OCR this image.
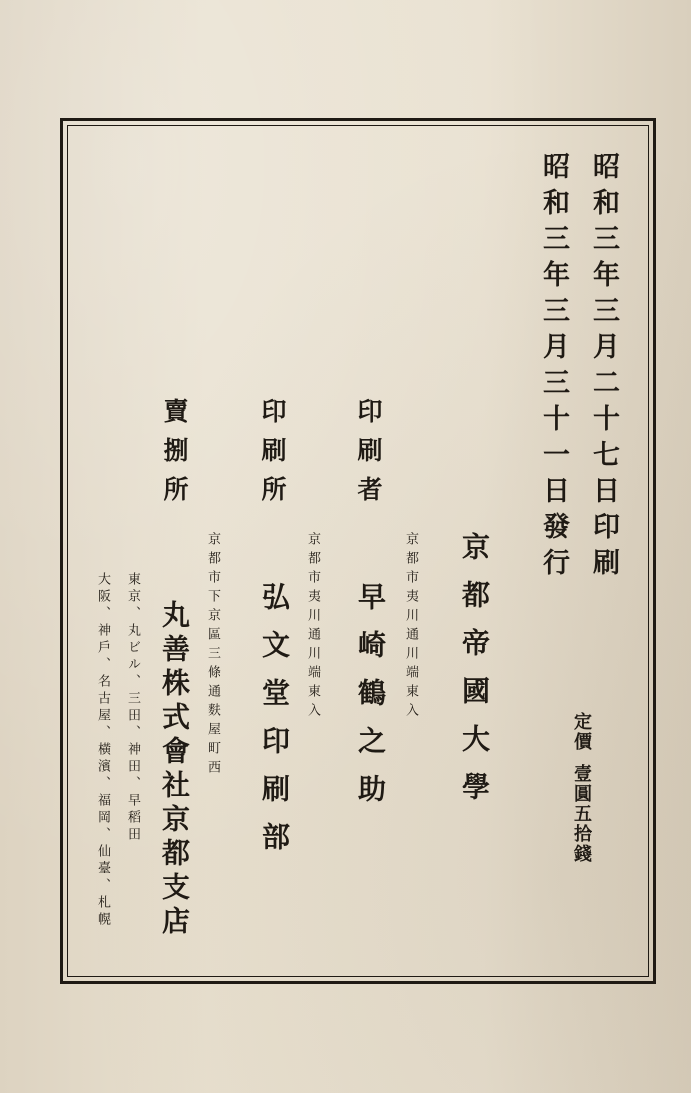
昭和三年三月二十七日印刷
昭和三年三月三十一日發行
定價
壹圓五拾錢
京都市夷川通川端東入 京都帝國大學
印刷者
京都市夷川通川端東入 早崎鶴之助
印刷所
京都市下京區三條通麩屋町西 弘文堂印刷部
賣捌所
東京、丸ビル、三田、神田、早稻田
大阪、神戶、名古屋、橫濱、福岡、仙臺、札幌 丸善株式會社京都支店
